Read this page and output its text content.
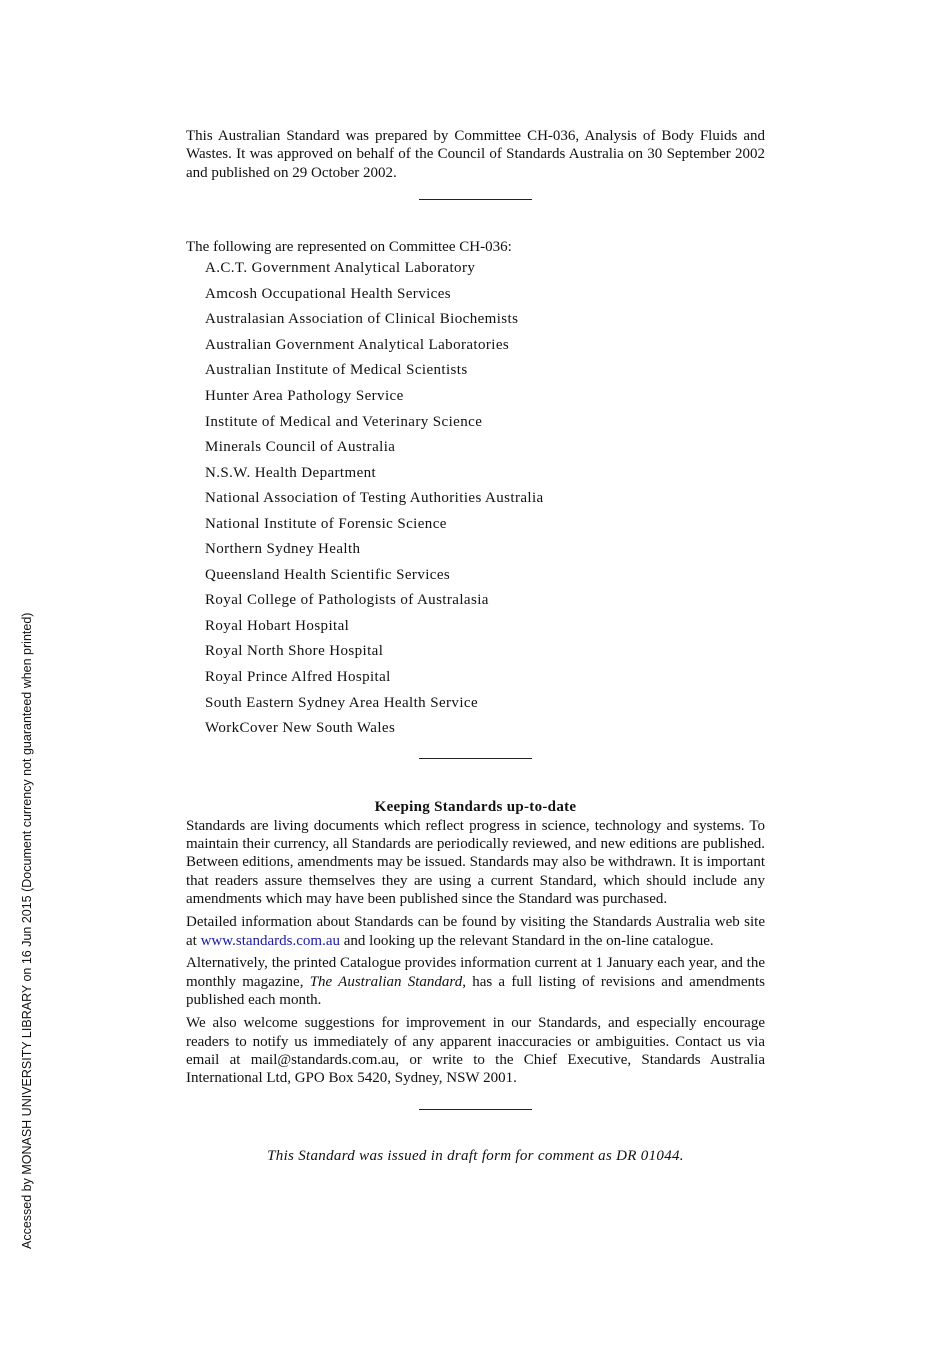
This Australian Standard was prepared by Committee CH-036, Analysis of Body Fluids and Wastes. It was approved on behalf of the Council of Standards Australia on 30 September 2002 and published on 29 October 2002.

The following are represented on Committee CH-036:
A.C.T. Government Analytical Laboratory
Amcosh Occupational Health Services
Australasian Association of Clinical Biochemists
Australian Government Analytical Laboratories
Australian Institute of Medical Scientists
Hunter Area Pathology Service
Institute of Medical and Veterinary Science
Minerals Council of Australia
N.S.W. Health Department
National Association of Testing Authorities Australia
National Institute of Forensic Science
Northern Sydney Health
Queensland Health Scientific Services
Royal College of Pathologists of Australasia
Royal Hobart Hospital
Royal North Shore Hospital
Royal Prince Alfred Hospital
South Eastern Sydney Area Health Service
WorkCover New South Wales
Keeping Standards up-to-date

Standards are living documents which reflect progress in science, technology and systems. To maintain their currency, all Standards are periodically reviewed, and new editions are published. Between editions, amendments may be issued. Standards may also be withdrawn. It is important that readers assure themselves they are using a current Standard, which should include any amendments which may have been published since the Standard was purchased.

Detailed information about Standards can be found by visiting the Standards Australia web site at www.standards.com.au and looking up the relevant Standard in the on-line catalogue.

Alternatively, the printed Catalogue provides information current at 1 January each year, and the monthly magazine, The Australian Standard, has a full listing of revisions and amendments published each month.

We also welcome suggestions for improvement in our Standards, and especially encourage readers to notify us immediately of any apparent inaccuracies or ambiguities. Contact us via email at mail@standards.com.au, or write to the Chief Executive, Standards Australia International Ltd, GPO Box 5420, Sydney, NSW 2001.

This Standard was issued in draft form for comment as DR 01044.
Accessed by MONASH UNIVERSITY LIBRARY on 16 Jun 2015 (Document currency not guaranteed when printed)
